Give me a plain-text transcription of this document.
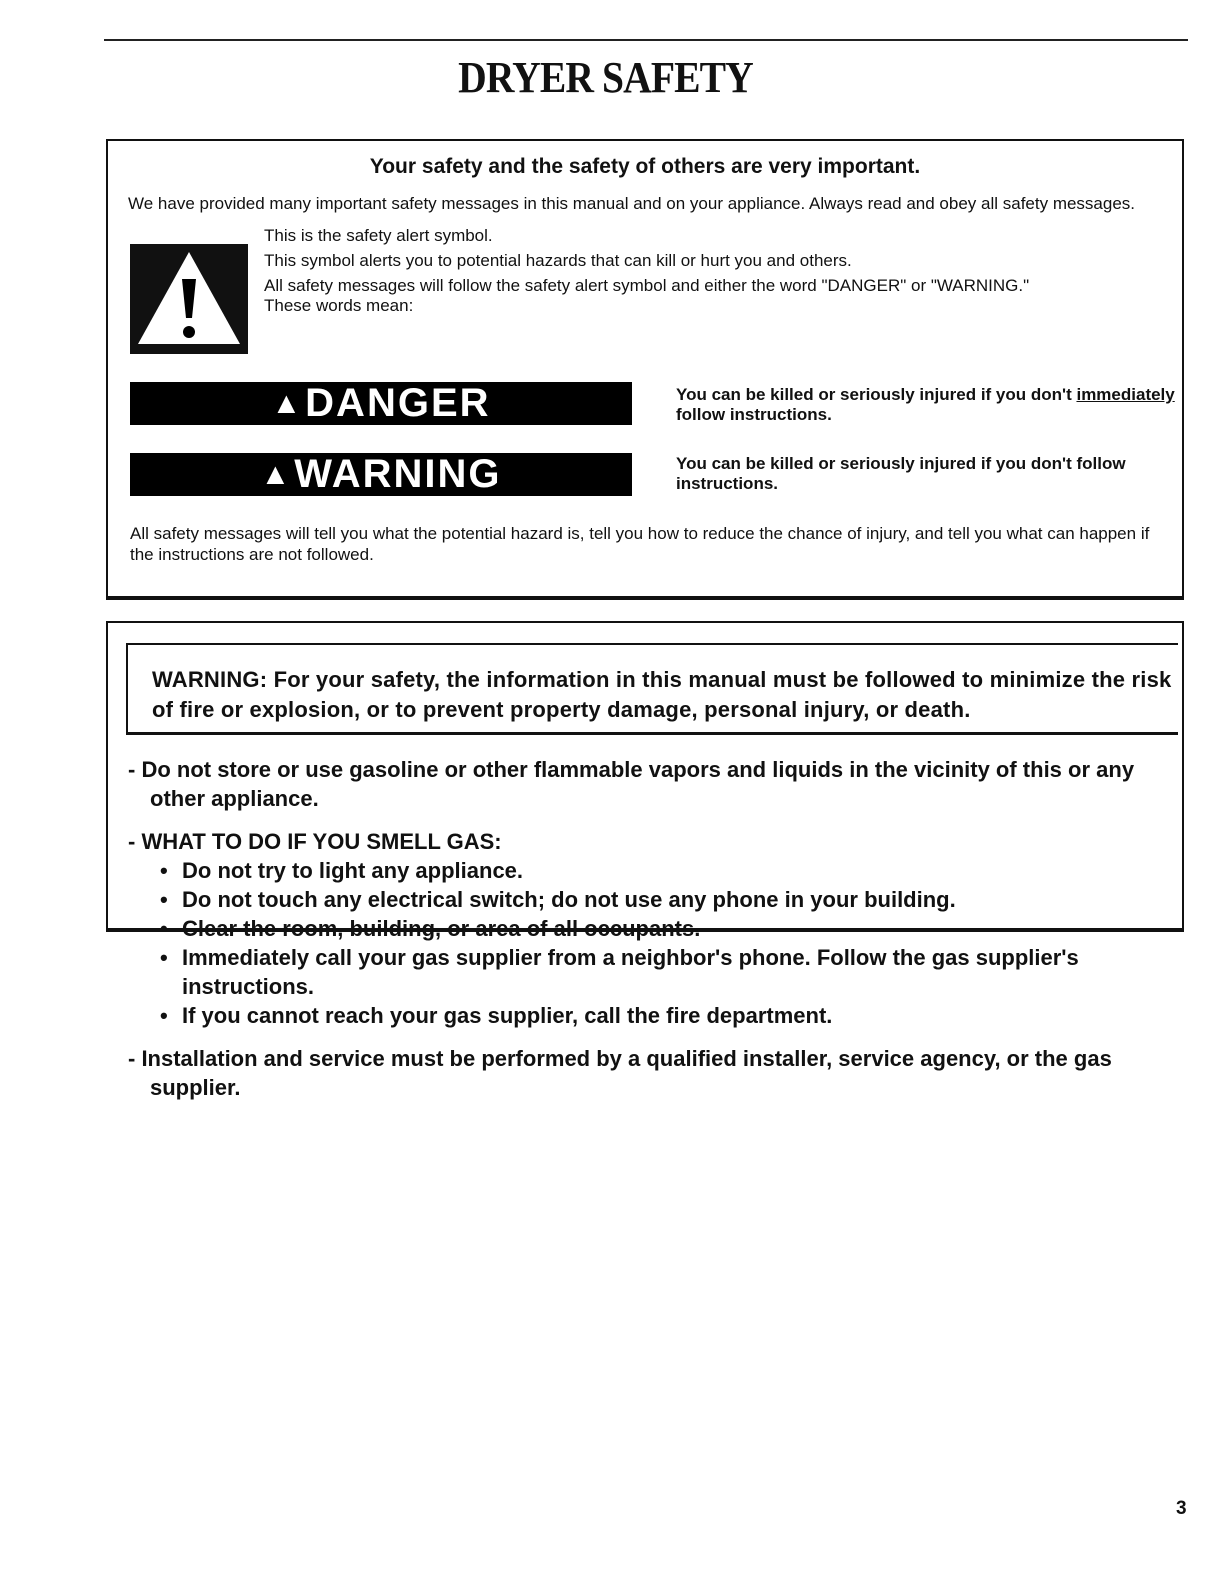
DRYER SAFETY
Your safety and the safety of others are very important.
We have provided many important safety messages in this manual and on your appliance. Always read and obey all safety messages.
This is the safety alert symbol.
This symbol alerts you to potential hazards that can kill or hurt you and others.
All safety messages will follow the safety alert symbol and either the word "DANGER" or "WARNING." These words mean:
▲ DANGER	You can be killed or seriously injured if you don't immediately follow instructions.
▲ WARNING	You can be killed or seriously injured if you don't follow instructions.
All safety messages will tell you what the potential hazard is, tell you how to reduce the chance of injury, and tell you what can happen if the instructions are not followed.

WARNING: For your safety, the information in this manual must be followed to minimize the risk of fire or explosion, or to prevent property damage, personal injury, or death.

- Do not store or use gasoline or other flammable vapors and liquids in the vicinity of this or any other appliance.
- WHAT TO DO IF YOU SMELL GAS:
• Do not try to light any appliance.
• Do not touch any electrical switch; do not use any phone in your building.
• Clear the room, building, or area of all occupants.
• Immediately call your gas supplier from a neighbor's phone. Follow the gas supplier's instructions.
• If you cannot reach your gas supplier, call the fire department.
- Installation and service must be performed by a qualified installer, service agency, or the gas supplier.
3
